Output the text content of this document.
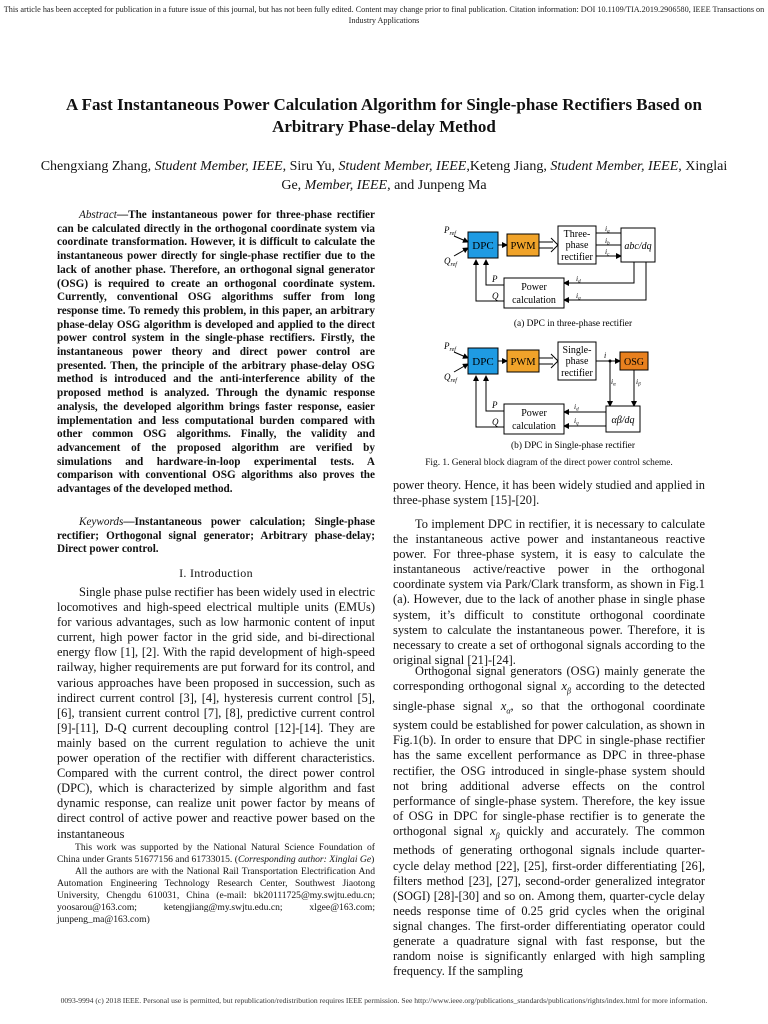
This article has been accepted for publication in a future issue of this journal, but has not been fully edited. Content may change prior to final publication. Citation information: DOI 10.1109/TIA.2019.2906580, IEEE Transactions on Industry Applications
A Fast Instantaneous Power Calculation Algorithm for Single-phase Rectifiers Based on Arbitrary Phase-delay Method
Chengxiang Zhang, Student Member, IEEE, Siru Yu, Student Member, IEEE,Keteng Jiang, Student Member, IEEE, Xinglai Ge, Member, IEEE, and Junpeng Ma
Abstract—The instantaneous power for three-phase rectifier can be calculated directly in the orthogonal coordinate system via coordinate transformation. However, it is difficult to calculate the instantaneous power directly for single-phase rectifier due to the lack of another phase. Therefore, an orthogonal signal generator (OSG) is required to create an orthogonal coordinate system. Currently, conventional OSG algorithms suffer from long response time. To remedy this problem, in this paper, an arbitrary phase-delay OSG algorithm is developed and applied to the direct power control system in the single-phase rectifiers. Firstly, the instantaneous power theory and direct power control are presented. Then, the principle of the arbitrary phase-delay OSG method is introduced and the anti-interference ability of the proposed method is analyzed. Through the dynamic response analysis, the developed algorithm brings faster response, easier implementation and less computational burden compared with other common OSG algorithms. Finally, the validity and advancement of the proposed algorithm are verified by simulations and hardware-in-loop experimental tests. A comparison with conventional OSG algorithms also proves the advantages of the developed method.
Keywords—Instantaneous power calculation; Single-phase rectifier; Orthogonal signal generator; Arbitrary phase-delay; Direct power control.
I. Introduction
Single phase pulse rectifier has been widely used in electric locomotives and high-speed electrical multiple units (EMUs) for various advantages, such as low harmonic content of input current, high power factor in the grid side, and bi-directional energy flow [1], [2]. With the rapid development of high-speed railway, higher requirements are put forward for its control, and various approaches have been proposed in succession, such as indirect current control [3], [4], hysteresis current control [5], [6], transient current control [7], [8], predictive current control [9]-[11], D-Q current decoupling control [12]-[14]. They are mainly based on the current regulation to achieve the unit power operation of the rectifier with different characteristics. Compared with the current control, the direct power control (DPC), which is characterized by simple algorithm and fast dynamic response, can realize unit power factor by means of direct control of active power and reactive power based on the instantaneous

This work was supported by the National Natural Science Foundation of China under Grants 51677156 and 61733015. (Corresponding author: Xinglai Ge)

All the authors are with the National Rail Transportation Electrification And Automation Engineering Technology Research Center, Southwest Jiaotong University, Chengdu 610031, China (e-mail: bk20111725@my.swjtu.edu.cn; yoosarou@163.com; ketengjiang@my.swjtu.edu.cn; xlgee@163.com; junpeng_ma@163.com)

$P_{ref}$
$Q_{ref}$
DPC PWM
Three-
phase
rectifier
$i_a$
$i_b$
$i_c$
abc/dq
$i_d$
$i_q$
Power
calculation
P
Q
(a) DPC in three-phase rectifier
$P_{ref}$
$Q_{ref}$
DPC PWM
Single-
phase
rectifier
i
OSG
$i_\alpha$	$i_\beta$
αβ/dq
$i_d$
$i_q$
Power
calculation
P
Q
(b) DPC in Single-phase rectifier
Fig. 1. General block diagram of the direct power control scheme.
power theory. Hence, it has been widely studied and applied in three-phase system [15]-[20].
To implement DPC in rectifier, it is necessary to calculate the instantaneous active power and instantaneous reactive power. For three-phase system, it is easy to calculate the instantaneous active/reactive power in the orthogonal coordinate system via Park/Clark transform, as shown in Fig.1 (a). However, due to the lack of another phase in single phase system, it’s difficult to constitute orthogonal coordinate system to calculate the instantaneous power. Therefore, it is necessary to create a set of orthogonal signals according to the original signal [21]-[24].
Orthogonal signal generators (OSG) mainly generate the corresponding orthogonal signal $x_\beta$ according to the detected single-phase signal $x_\alpha$, so that the orthogonal coordinate system could be established for power calculation, as shown in Fig.1(b). In order to ensure that DPC in single-phase rectifier has the same excellent performance as DPC in three-phase rectifier, the OSG introduced in single-phase system should not bring additional adverse effects on the control performance of single-phase system. Therefore, the key issue of OSG in DPC for single-phase rectifier is to generate the orthogonal signal $x_\beta$ quickly and accurately. The common methods of generating orthogonal signals include quarter-cycle delay method [22], [25], first-order differentiating [26], filters method [23], [27], second-order generalized integrator (SOGI) [28]-[30] and so on. Among them, quarter-cycle delay needs response time of 0.25 grid cycles when the original signal changes. The first-order differentiating operator could generate a quadrature signal with fast response, but the random noise is significantly enlarged with high sampling frequency. If the sampling
0093-9994 (c) 2018 IEEE. Personal use is permitted, but republication/redistribution requires IEEE permission. See http://www.ieee.org/publications_standards/publications/rights/index.html for more information.
